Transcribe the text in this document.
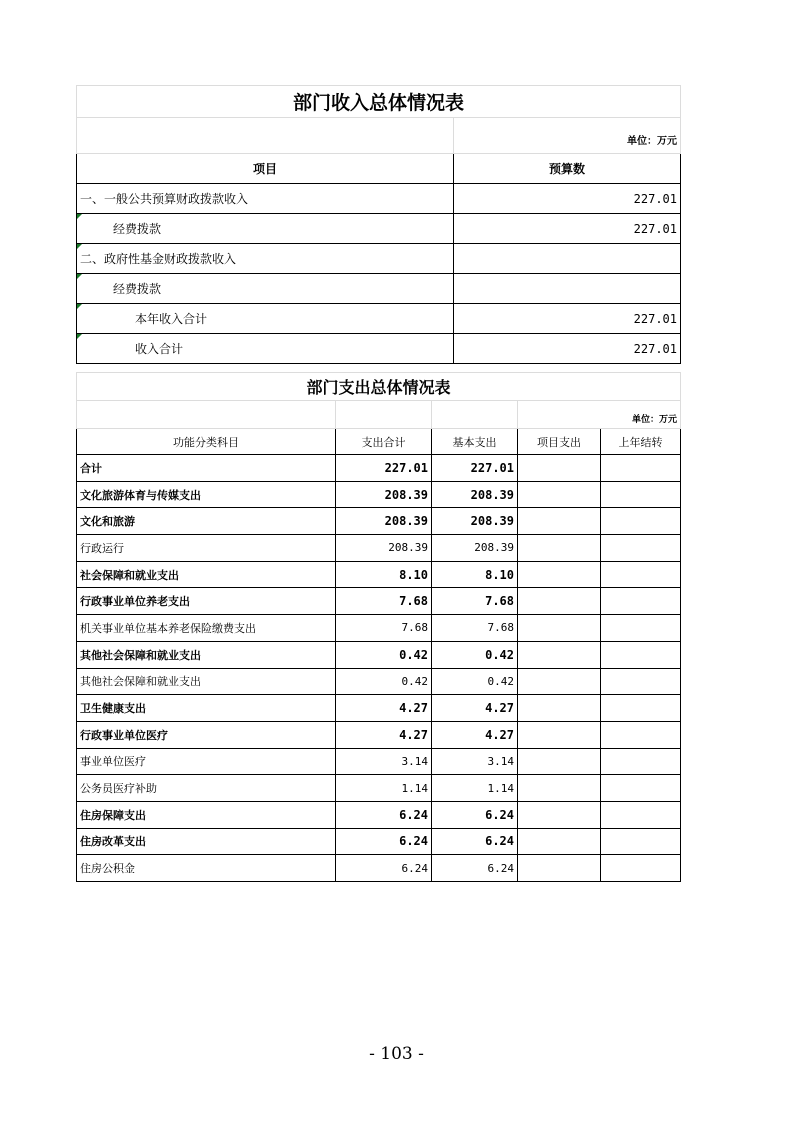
部门收入总体情况表	
	单位：万元
项目	预算数
一、一般公共预算财政拨款收入	227.01
经费拨款	227.01
二、政府性基金财政拨款收入	
经费拨款	
本年收入合计	227.01
收入合计	227.01
部门支出总体情况表				
			单位：万元	
功能分类科目	支出合计	基本支出	项目支出	上年结转
合计	227.01	227.01		
文化旅游体育与传媒支出	208.39	208.39		
文化和旅游	208.39	208.39		
行政运行	208.39	208.39		
社会保障和就业支出	8.10	8.10		
行政事业单位养老支出	7.68	7.68		
机关事业单位基本养老保险缴费支出	7.68	7.68		
其他社会保障和就业支出	0.42	0.42		
其他社会保障和就业支出	0.42	0.42		
卫生健康支出	4.27	4.27		
行政事业单位医疗	4.27	4.27		
事业单位医疗	3.14	3.14		
公务员医疗补助	1.14	1.14		
住房保障支出	6.24	6.24		
住房改革支出	6.24	6.24		
住房公积金	6.24	6.24		
- 103 -
